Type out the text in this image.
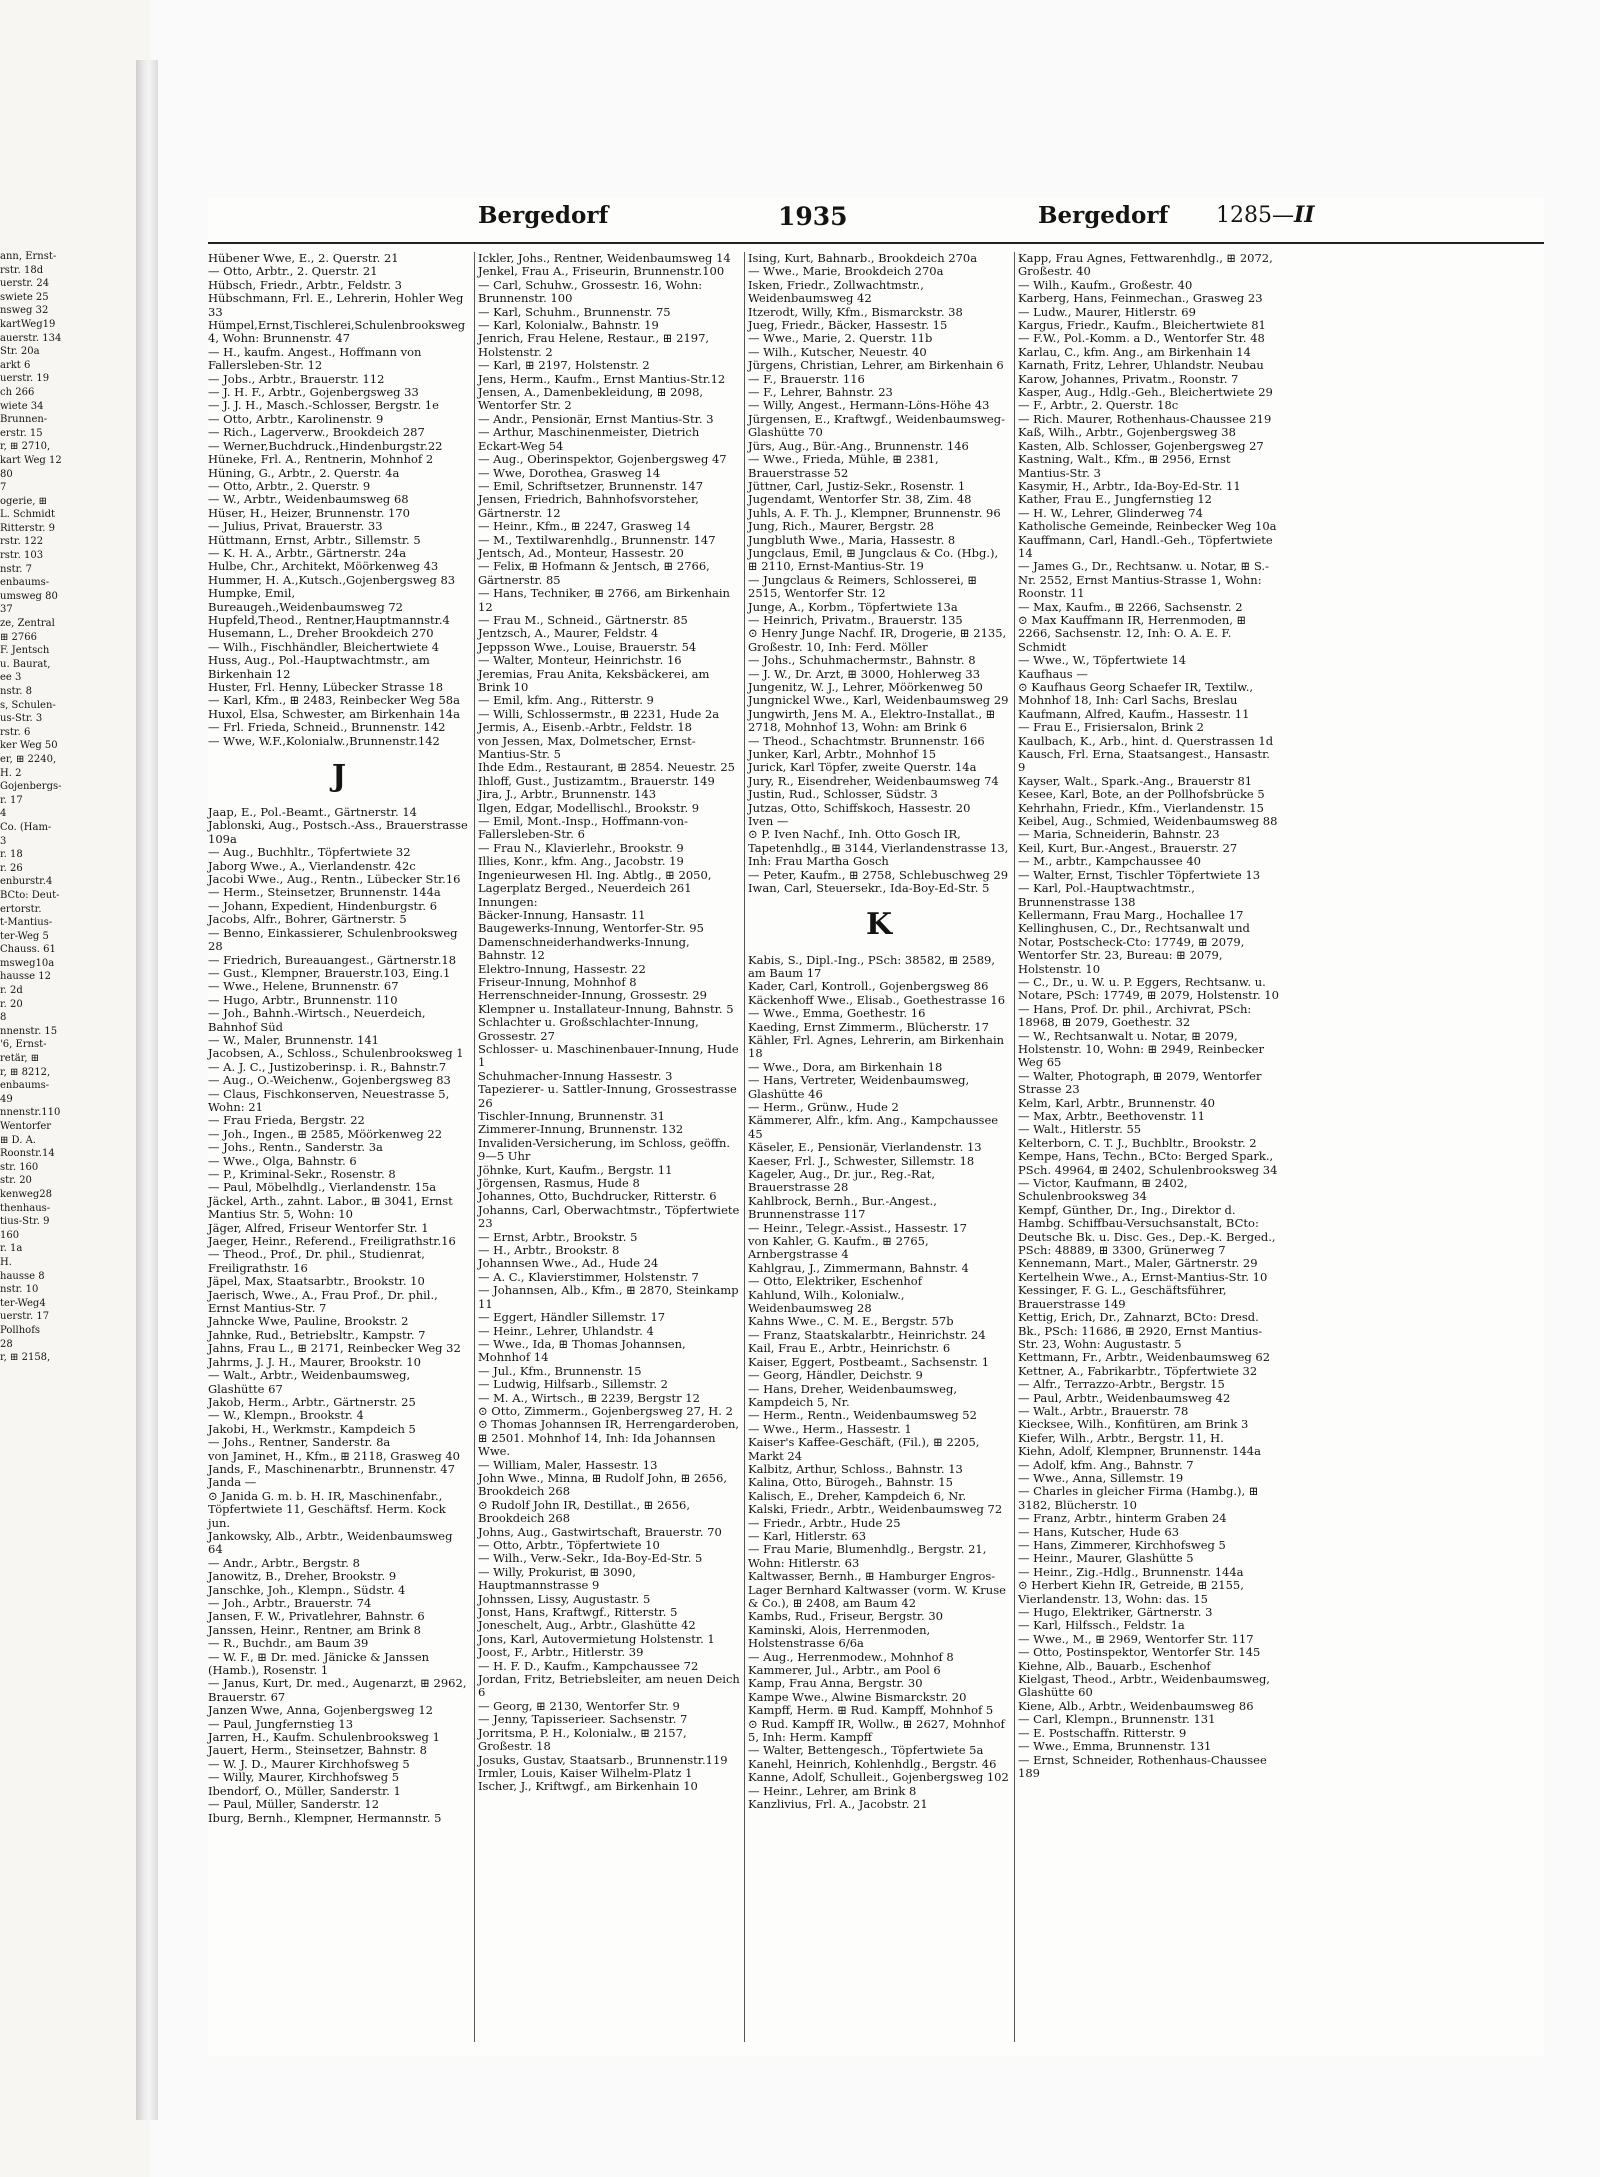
ann, Ernst-
rstr. 18d
uerstr. 24
swiete 25
nsweg 32
kartWeg19
auerstr. 134
Str. 20a
arkt 6
uerstr. 19
ch 266
wiete 34
Brunnen-
erstr. 15
r, ⊞ 2710,
kart Weg 12
80
7
ogerie, ⊞
L. Schmidt
Ritterstr. 9
rstr. 122
rstr. 103
nstr. 7
enbaums-
umsweg 80
37
ze, Zentral
⊞ 2766
F. Jentsch
u. Baurat,
ee 3
nstr. 8
s, Schulen-
us-Str. 3
rstr. 6
ker Weg 50
er, ⊞ 2240,
H. 2
Gojenbergs-
r. 17
4
Co. (Ham-
3
r. 18
r. 26
enburstr.4
BCto: Deut-
ertorstr.
t-Mantius-
ter-Weg 5
Chauss. 61
msweg10a
hausse 12
r. 2d
r. 20
8
nnenstr. 15
'6, Ernst-
retär, ⊞
r, ⊞ 8212,
enbaums-
49
nnenstr.110
Wentorfer
⊞ D. A.
Roonstr.14
str. 160
str. 20
kenweg28
thenhaus-
tius-Str. 9
160
r. 1a
H.
hausse 8
nstr. 10
ter-Weg4
uerstr. 17
Pollhofs
28
r, ⊞ 2158,
Bergedorf	1935	Bergedorf 1285—II

Hübener Wwe, E., 2. Querstr. 21

— Otto, Arbtr., 2. Querstr. 21

Hübsch, Friedr., Arbtr., Feldstr. 3

Hübschmann, Frl. E., Lehrerin, Hohler Weg 33

Hümpel,Ernst,Tischlerei,Schulenbrooksweg 4, Wohn: Brunnenstr. 47

— H., kaufm. Angest., Hoffmann von Fallersleben-Str. 12

— Jobs., Arbtr., Brauerstr. 112

— J. H. F., Arbtr., Gojenbergsweg 33

— J. J. H., Masch.-Schlosser, Bergstr. 1e

— Otto, Arbtr., Karolinenstr. 9

— Rich., Lagerverw., Brookdeich 287

— Werner,Buchdruck.,Hindenburgstr.22

Hüneke, Frl. A., Rentnerin, Mohnhof 2

Hüning, G., Arbtr., 2. Querstr. 4a

— Otto, Arbtr., 2. Querstr. 9

— W., Arbtr., Weidenbaumsweg 68

Hüser, H., Heizer, Brunnenstr. 170

— Julius, Privat, Brauerstr. 33

Hüttmann, Ernst, Arbtr., Sillemstr. 5

— K. H. A., Arbtr., Gärtnerstr. 24a

Hulbe, Chr., Architekt, Möörkenweg 43

Hummer, H. A.,Kutsch.,Gojenbergsweg 83

Humpke, Emil, Bureaugeh.,Weidenbaumsweg 72

Hupfeld,Theod., Rentner,Hauptmannstr.4

Husemann, L., Dreher Brookdeich 270

— Wilh., Fischhändler, Bleichertwiete 4

Huss, Aug., Pol.-Hauptwachtmstr., am Birkenhain 12

Huster, Frl. Henny, Lübecker Strasse 18

— Karl, Kfm., ⊞ 2483, Reinbecker Weg 58a

Huxol, Elsa, Schwester, am Birkenhain 14a

— Frl. Frieda, Schneid., Brunnenstr. 142

— Wwe, W.F.,Kolonialw.,Brunnenstr.142

J

Jaap, E., Pol.-Beamt., Gärtnerstr. 14

Jablonski, Aug., Postsch.-Ass., Brauerstrasse 109a

— Aug., Buchhltr., Töpfertwiete 32

Jaborg Wwe., A., Vierlandenstr. 42c

Jacobi Wwe., Aug., Rentn., Lübecker Str.16

— Herm., Steinsetzer, Brunnenstr. 144a

— Johann, Expedient, Hindenburgstr. 6

Jacobs, Alfr., Bohrer, Gärtnerstr. 5

— Benno, Einkassierer, Schulenbrooksweg 28

— Friedrich, Bureauangest., Gärtnerstr.18

— Gust., Klempner, Brauerstr.103, Eing.1

— Wwe., Helene, Brunnenstr. 67

— Hugo, Arbtr., Brunnenstr. 110

— Joh., Bahnh.-Wirtsch., Neuerdeich, Bahnhof Süd

— W., Maler, Brunnenstr. 141

Jacobsen, A., Schloss., Schulenbrooksweg 1

— A. J. C., Justizoberinsp. i. R., Bahnstr.7

— Aug., O.-Weichenw., Gojenbergsweg 83

— Claus, Fischkonserven, Neuestrasse 5, Wohn: 21

— Frau Frieda, Bergstr. 22

— Joh., Ingen., ⊞ 2585, Möörkenweg 22

— Johs., Rentn., Sanderstr. 3a

— Wwe., Olga, Bahnstr. 6

— P., Kriminal-Sekr., Rosenstr. 8

— Paul, Möbelhdlg., Vierlandenstr. 15a

Jäckel, Arth., zahnt. Labor., ⊞ 3041, Ernst Mantius Str. 5, Wohn: 10

Jäger, Alfred, Friseur Wentorfer Str. 1

Jaeger, Heinr., Referend., Freiligrathstr.16

— Theod., Prof., Dr. phil., Studienrat, Freiligrathstr. 16

Jäpel, Max, Staatsarbtr., Brookstr. 10

Jaerisch, Wwe., A., Frau Prof., Dr. phil., Ernst Mantius-Str. 7

Jahncke Wwe, Pauline, Brookstr. 2

Jahnke, Rud., Betriebsltr., Kampstr. 7

Jahns, Frau L., ⊞ 2171, Reinbecker Weg 32

Jahrms, J. J. H., Maurer, Brookstr. 10

— Walt., Arbtr., Weidenbaumsweg, Glashütte 67

Jakob, Herm., Arbtr., Gärtnerstr. 25

— W., Klempn., Brookstr. 4

Jakobi, H., Werkmstr., Kampdeich 5

— Johs., Rentner, Sanderstr. 8a

von Jaminet, H., Kfm., ⊞ 2118, Grasweg 40

Jands, F., Maschinenarbtr., Brunnenstr. 47

Janda —

⊙ Janida G. m. b. H. IR, Maschinenfabr., Töpfertwiete 11, Geschäftsf. Herm. Kock jun.

Jankowsky, Alb., Arbtr., Weidenbaumsweg 64

— Andr., Arbtr., Bergstr. 8

Janowitz, B., Dreher, Brookstr. 9

Janschke, Joh., Klempn., Südstr. 4

— Joh., Arbtr., Brauerstr. 74

Jansen, F. W., Privatlehrer, Bahnstr. 6

Janssen, Heinr., Rentner, am Brink 8

— R., Buchdr., am Baum 39

— W. F., ⊞ Dr. med. Jänicke & Janssen (Hamb.), Rosenstr. 1

— Janus, Kurt, Dr. med., Augenarzt, ⊞ 2962, Brauerstr. 67

Janzen Wwe, Anna, Gojenbergsweg 12

— Paul, Jungfernstieg 13

Jarren, H., Kaufm. Schulenbrooksweg 1

Jauert, Herm., Steinsetzer, Bahnstr. 8

— W. J. D., Maurer Kirchhofsweg 5

— Willy, Maurer, Kirchhofsweg 5

Ibendorf, O., Müller, Sanderstr. 1

— Paul, Müller, Sanderstr. 12

Iburg, Bernh., Klempner, Hermannstr. 5

Ickler, Johs., Rentner, Weidenbaumsweg 14

Jenkel, Frau A., Friseurin, Brunnenstr.100

— Carl, Schuhw., Grossestr. 16, Wohn: Brunnenstr. 100

— Karl, Schuhm., Brunnenstr. 75

— Karl, Kolonialw., Bahnstr. 19

Jenrich, Frau Helene, Restaur., ⊞ 2197, Holstenstr. 2

— Karl, ⊞ 2197, Holstenstr. 2

Jens, Herm., Kaufm., Ernst Mantius-Str.12

Jensen, A., Damenbekleidung, ⊞ 2098, Wentorfer Str. 2

— Andr., Pensionär, Ernst Mantius-Str. 3

— Arthur, Maschinenmeister, Dietrich Eckart-Weg 54

— Aug., Oberinspektor, Gojenbergsweg 47

— Wwe, Dorothea, Grasweg 14

— Emil, Schriftsetzer, Brunnenstr. 147

Jensen, Friedrich, Bahnhofsvorsteher, Gärtnerstr. 12

— Heinr., Kfm., ⊞ 2247, Grasweg 14

— M., Textilwarenhdlg., Brunnenstr. 147

Jentsch, Ad., Monteur, Hassestr. 20

— Felix, ⊞ Hofmann & Jentsch, ⊞ 2766, Gärtnerstr. 85

— Hans, Techniker, ⊞ 2766, am Birkenhain 12

— Frau M., Schneid., Gärtnerstr. 85

Jentzsch, A., Maurer, Feldstr. 4

Jeppsson Wwe., Louise, Brauerstr. 54

— Walter, Monteur, Heinrichstr. 16

Jeremias, Frau Anita, Keksbäckerei, am Brink 10

— Emil, kfm. Ang., Ritterstr. 9

— Willi, Schlossermstr., ⊞ 2231, Hude 2a

Jermis, A., Eisenb.-Arbtr., Feldstr. 18

von Jessen, Max, Dolmetscher, Ernst-Mantius-Str. 5

Ihde Edm., Restaurant, ⊞ 2854. Neuestr. 25

Ihloff, Gust., Justizamtm., Brauerstr. 149

Jira, J., Arbtr., Brunnenstr. 143

Ilgen, Edgar, Modellischl., Brookstr. 9

— Emil, Mont.-Insp., Hoffmann-von-Fallersleben-Str. 6

— Frau N., Klavierlehr., Brookstr. 9

Illies, Konr., kfm. Ang., Jacobstr. 19

Ingenieurwesen Hl. Ing. Abtlg., ⊞ 2050, Lagerplatz Berged., Neuerdeich 261

Innungen:

Bäcker-Innung, Hansastr. 11

Baugewerks-Innung, Wentorfer-Str. 95

Damenschneiderhandwerks-Innung, Bahnstr. 12

Elektro-Innung, Hassestr. 22

Friseur-Innung, Mohnhof 8

Herrenschneider-Innung, Grossestr. 29

Klempner u. Installateur-Innung, Bahnstr. 5

Schlachter u. Großschlachter-Innung, Grossestr. 27

Schlosser- u. Maschinenbauer-Innung, Hude 1

Schuhmacher-Innung Hassestr. 3

Tapezierer- u. Sattler-Innung, Grossestrasse 26

Tischler-Innung, Brunnenstr. 31

Zimmerer-Innung, Brunnenstr. 132

Invaliden-Versicherung, im Schloss, geöffn. 9—5 Uhr

Jöhnke, Kurt, Kaufm., Bergstr. 11

Jörgensen, Rasmus, Hude 8

Johannes, Otto, Buchdrucker, Ritterstr. 6

Johanns, Carl, Oberwachtmstr., Töpfertwiete 23

— Ernst, Arbtr., Brookstr. 5

— H., Arbtr., Brookstr. 8

Johannsen Wwe., Ad., Hude 24

— A. C., Klavierstimmer, Holstenstr. 7

— Johannsen, Alb., Kfm., ⊞ 2870, Steinkamp 11

— Eggert, Händler Sillemstr. 17

— Heinr., Lehrer, Uhlandstr. 4

— Wwe., Ida, ⊞ Thomas Johannsen, Mohnhof 14

— Jul., Kfm., Brunnenstr. 15

— Ludwig, Hilfsarb., Sillemstr. 2

— M. A., Wirtsch., ⊞ 2239, Bergstr 12

⊙ Otto, Zimmerm., Gojenbergsweg 27, H. 2

⊙ Thomas Johannsen IR, Herrengarderoben, ⊞ 2501. Mohnhof 14, Inh: Ida Johannsen Wwe.

— William, Maler, Hassestr. 13

John Wwe., Minna, ⊞ Rudolf John, ⊞ 2656, Brookdeich 268

⊙ Rudolf John IR, Destillat., ⊞ 2656, Brookdeich 268

Johns, Aug., Gastwirtschaft, Brauerstr. 70

— Otto, Arbtr., Töpfertwiete 10

— Wilh., Verw.-Sekr., Ida-Boy-Ed-Str. 5

— Willy, Prokurist, ⊞ 3090, Hauptmannstrasse 9

Johnssen, Lissy, Augustastr. 5

Jonst, Hans, Kraftwgf., Ritterstr. 5

Joneschelt, Aug., Arbtr., Glashütte 42

Jons, Karl, Autovermietung Holstenstr. 1

Joost, F., Arbtr., Hitlerstr. 39

— H. F. D., Kaufm., Kampchaussee 72

Jordan, Fritz, Betriebsleiter, am neuen Deich 6

— Georg, ⊞ 2130, Wentorfer Str. 9

— Jenny, Tapisserieer. Sachsenstr. 7

Jorritsma, P. H., Kolonialw., ⊞ 2157, Großestr. 18

Josuks, Gustav, Staatsarb., Brunnenstr.119

Irmler, Louis, Kaiser Wilhelm-Platz 1

Ischer, J., Kriftwgf., am Birkenhain 10

Ising, Kurt, Bahnarb., Brookdeich 270a

— Wwe., Marie, Brookdeich 270a

Isken, Friedr., Zollwachtmstr., Weidenbaumsweg 42

Itzerodt, Willy, Kfm., Bismarckstr. 38

Jueg, Friedr., Bäcker, Hassestr. 15

— Wwe., Marie, 2. Querstr. 11b

— Wilh., Kutscher, Neuestr. 40

Jürgens, Christian, Lehrer, am Birkenhain 6

— F., Brauerstr. 116

— F., Lehrer, Bahnstr. 23

— Willy, Angest., Hermann-Löns-Höhe 43

Jürgensen, E., Kraftwgf., Weidenbaumsweg-Glashütte 70

Jürs, Aug., Bür.-Ang., Brunnenstr. 146

— Wwe., Frieda, Mühle, ⊞ 2381, Brauerstrasse 52

Jüttner, Carl, Justiz-Sekr., Rosenstr. 1

Jugendamt, Wentorfer Str. 38, Zim. 48

Juhls, A. F. Th. J., Klempner, Brunnenstr. 96

Jung, Rich., Maurer, Bergstr. 28

Jungbluth Wwe., Maria, Hassestr. 8

Jungclaus, Emil, ⊞ Jungclaus & Co. (Hbg.), ⊞ 2110, Ernst-Mantius-Str. 19

— Jungclaus & Reimers, Schlosserei, ⊞ 2515, Wentorfer Str. 12

Junge, A., Korbm., Töpfertwiete 13a

— Heinrich, Privatm., Brauerstr. 135

⊙ Henry Junge Nachf. IR, Drogerie, ⊞ 2135, Großestr. 10, Inh: Ferd. Möller

— Johs., Schuhmachermstr., Bahnstr. 8

— J. W., Dr. Arzt, ⊞ 3000, Hohlerweg 33

Jungenitz, W. J., Lehrer, Möörkenweg 50

Jungnickel Wwe., Karl, Weidenbaumsweg 29

Jungwirth, Jens M. A., Elektro-Installat., ⊞ 2718, Mohnhof 13, Wohn: am Brink 6

— Theod., Schachtmstr. Brunnenstr. 166

Junker, Karl, Arbtr., Mohnhof 15

Jurick, Karl Töpfer, zweite Querstr. 14a

Jury, R., Eisendreher, Weidenbaumsweg 74

Justin, Rud., Schlosser, Südstr. 3

Jutzas, Otto, Schiffskoch, Hassestr. 20

Iven —

⊙ P. Iven Nachf., Inh. Otto Gosch IR, Tapetenhdlg., ⊞ 3144, Vierlandenstrasse 13, Inh: Frau Martha Gosch

— Peter, Kaufm., ⊞ 2758, Schlebuschweg 29

Iwan, Carl, Steuersekr., Ida-Boy-Ed-Str. 5

K

Kabis, S., Dipl.-Ing., PSch: 38582, ⊞ 2589, am Baum 17

Kader, Carl, Kontroll., Gojenbergsweg 86

Käckenhoff Wwe., Elisab., Goethestrasse 16

— Wwe., Emma, Goethestr. 16

Kaeding, Ernst Zimmerm., Blücherstr. 17

Kähler, Frl. Agnes, Lehrerin, am Birkenhain 18

— Wwe., Dora, am Birkenhain 18

— Hans, Vertreter, Weidenbaumsweg, Glashütte 46

— Herm., Grünw., Hude 2

Kämmerer, Alfr., kfm. Ang., Kampchaussee 45

Käseler, E., Pensionär, Vierlandenstr. 13

Kaeser, Frl. J., Schwester, Sillemstr. 18

Kageler, Aug., Dr. jur., Reg.-Rat, Brauerstrasse 28

Kahlbrock, Bernh., Bur.-Angest., Brunnenstrasse 117

— Heinr., Telegr.-Assist., Hassestr. 17

von Kahler, G. Kaufm., ⊞ 2765, Arnbergstrasse 4

Kahlgrau, J., Zimmermann, Bahnstr. 4

— Otto, Elektriker, Eschenhof

Kahlund, Wilh., Kolonialw., Weidenbaumsweg 28

Kahns Wwe., C. M. E., Bergstr. 57b

— Franz, Staatskalarbtr., Heinrichstr. 24

Kail, Frau E., Arbtr., Heinrichstr. 6

Kaiser, Eggert, Postbeamt., Sachsenstr. 1

— Georg, Händler, Deichstr. 9

— Hans, Dreher, Weidenbaumsweg, Kampdeich 5, Nr.

— Herm., Rentn., Weidenbaumsweg 52

— Wwe., Herm., Hassestr. 1

Kaiser's Kaffee-Geschäft, (Fil.), ⊞ 2205, Markt 24

Kalbitz, Arthur, Schloss., Bahnstr. 13

Kalina, Otto, Bürogeh., Bahnstr. 15

Kalisch, E., Dreher, Kampdeich 6, Nr.

Kalski, Friedr., Arbtr., Weidenbaumsweg 72

— Friedr., Arbtr., Hude 25

— Karl, Hitlerstr. 63

— Frau Marie, Blumenhdlg., Bergstr. 21, Wohn: Hitlerstr. 63

Kaltwasser, Bernh., ⊞ Hamburger Engros-Lager Bernhard Kaltwasser (vorm. W. Kruse & Co.), ⊞ 2408, am Baum 42

Kambs, Rud., Friseur, Bergstr. 30

Kaminski, Alois, Herrenmoden, Holstenstrasse 6/6a

— Aug., Herrenmodew., Mohnhof 8

Kammerer, Jul., Arbtr., am Pool 6

Kamp, Frau Anna, Bergstr. 30

Kampe Wwe., Alwine Bismarckstr. 20

Kampff, Herm. ⊞ Rud. Kampff, Mohnhof 5

⊙ Rud. Kampff IR, Wollw., ⊞ 2627, Mohnhof 5, Inh: Herm. Kampff

— Walter, Bettengesch., Töpfertwiete 5a

Kanehl, Heinrich, Kohlenhdlg., Bergstr. 46

Kanne, Adolf, Schulleit., Gojenbergsweg 102

— Heinr., Lehrer, am Brink 8

Kanzlivius, Frl. A., Jacobstr. 21

Kapp, Frau Agnes, Fettwarenhdlg., ⊞ 2072, Großestr. 40

— Wilh., Kaufm., Großestr. 40

Karberg, Hans, Feinmechan., Grasweg 23

— Ludw., Maurer, Hitlerstr. 69

Kargus, Friedr., Kaufm., Bleichertwiete 81

— F.W., Pol.-Komm. a D., Wentorfer Str. 48

Karlau, C., kfm. Ang., am Birkenhain 14

Karnath, Fritz, Lehrer, Uhlandstr. Neubau

Karow, Johannes, Privatm., Roonstr. 7

Kasper, Aug., Hdlg.-Geh., Bleichertwiete 29

— F., Arbtr., 2. Querstr. 18c

— Rich. Maurer, Rothenhaus-Chaussee 219

Kaß, Wilh., Arbtr., Gojenbergsweg 38

Kasten, Alb. Schlosser, Gojenbergsweg 27

Kastning, Walt., Kfm., ⊞ 2956, Ernst Mantius-Str. 3

Kasymir, H., Arbtr., Ida-Boy-Ed-Str. 11

Kather, Frau E., Jungfernstieg 12

— H. W., Lehrer, Glinderweg 74

Katholische Gemeinde, Reinbecker Weg 10a

Kauffmann, Carl, Handl.-Geh., Töpfertwiete 14

— James G., Dr., Rechtsanw. u. Notar, ⊞ S.-Nr. 2552, Ernst Mantius-Strasse 1, Wohn: Roonstr. 11

— Max, Kaufm., ⊞ 2266, Sachsenstr. 2

⊙ Max Kauffmann IR, Herrenmoden, ⊞ 2266, Sachsenstr. 12, Inh: O. A. E. F. Schmidt

— Wwe., W., Töpfertwiete 14

Kaufhaus —

⊙ Kaufhaus Georg Schaefer IR, Textilw., Mohnhof 18, Inh: Carl Sachs, Breslau

Kaufmann, Alfred, Kaufm., Hassestr. 11

— Frau E., Frisiersalon, Brink 2

Kaulbach, K., Arb., hint. d. Querstrassen 1d

Kausch, Frl. Erna, Staatsangest., Hansastr. 9

Kayser, Walt., Spark.-Ang., Brauerstr 81

Kesee, Karl, Bote, an der Pollhofsbrücke 5

Kehrhahn, Friedr., Kfm., Vierlandenstr. 15

Keibel, Aug., Schmied, Weidenbaumsweg 88

— Maria, Schneiderin, Bahnstr. 23

Keil, Kurt, Bur.-Angest., Brauerstr. 27

— M., arbtr., Kampchaussee 40

— Walter, Ernst, Tischler Töpfertwiete 13

— Karl, Pol.-Hauptwachtmstr., Brunnenstrasse 138

Kellermann, Frau Marg., Hochallee 17

Kellinghusen, C., Dr., Rechtsanwalt und Notar, Postscheck-Cto: 17749, ⊞ 2079, Wentorfer Str. 23, Bureau: ⊞ 2079, Holstenstr. 10

— C., Dr., u. W. u. P. Eggers, Rechtsanw. u. Notare, PSch: 17749, ⊞ 2079, Holstenstr. 10

— Hans, Prof. Dr. phil., Archivrat, PSch: 18968, ⊞ 2079, Goethestr. 32

— W., Rechtsanwalt u. Notar, ⊞ 2079, Holstenstr. 10, Wohn: ⊞ 2949, Reinbecker Weg 65

— Walter, Photograph, ⊞ 2079, Wentorfer Strasse 23

Kelm, Karl, Arbtr., Brunnenstr. 40

— Max, Arbtr., Beethovenstr. 11

— Walt., Hitlerstr. 55

Kelterborn, C. T. J., Buchbltr., Brookstr. 2

Kempe, Hans, Techn., BCto: Berged Spark., PSch. 49964, ⊞ 2402, Schulenbrooksweg 34

— Victor, Kaufmann, ⊞ 2402, Schulenbrooksweg 34

Kempf, Günther, Dr., Ing., Direktor d. Hambg. Schiffbau-Versuchsanstalt, BCto: Deutsche Bk. u. Disc. Ges., Dep.-K. Berged., PSch: 48889, ⊞ 3300, Grünerweg 7

Kennemann, Mart., Maler, Gärtnerstr. 29

Kertelhein Wwe., A., Ernst-Mantius-Str. 10

Kessinger, F. G. L., Geschäftsführer, Brauerstrasse 149

Kettig, Erich, Dr., Zahnarzt, BCto: Dresd. Bk., PSch: 11686, ⊞ 2920, Ernst Mantius-Str. 23, Wohn: Augustastr. 5

Kettmann, Fr., Arbtr., Weidenbaumsweg 62

Kettner, A., Fabrikarbtr., Töpfertwiete 32

— Alfr., Terrazzo-Arbtr., Bergstr. 15

— Paul, Arbtr., Weidenbaumsweg 42

— Walt., Arbtr., Brauerstr. 78

Kiecksee, Wilh., Konfitüren, am Brink 3

Kiefer, Wilh., Arbtr., Bergstr. 11, H.

Kiehn, Adolf, Klempner, Brunnenstr. 144a

— Adolf, kfm. Ang., Bahnstr. 7

— Wwe., Anna, Sillemstr. 19

— Charles in gleicher Firma (Hambg.), ⊞ 3182, Blücherstr. 10

— Franz, Arbtr., hinterm Graben 24

— Hans, Kutscher, Hude 63

— Hans, Zimmerer, Kirchhofsweg 5

— Heinr., Maurer, Glashütte 5

— Heinr., Zig.-Hdlg., Brunnenstr. 144a

⊙ Herbert Kiehn IR, Getreide, ⊞ 2155, Vierlandenstr. 13, Wohn: das. 15

— Hugo, Elektriker, Gärtnerstr. 3

— Karl, Hilfssch., Feldstr. 1a

— Wwe., M., ⊞ 2969, Wentorfer Str. 117

— Otto, Postinspektor, Wentorfer Str. 145

Kiehne, Alb., Bauarb., Eschenhof

Kielgast, Theod., Arbtr., Weidenbaumsweg, Glashütte 60

Kiene, Alb., Arbtr., Weidenbaumsweg 86

— Carl, Klempn., Brunnenstr. 131

— E. Postschaffn. Ritterstr. 9

— Wwe., Emma, Brunnenstr. 131

— Ernst, Schneider, Rothenhaus-Chaussee 189
